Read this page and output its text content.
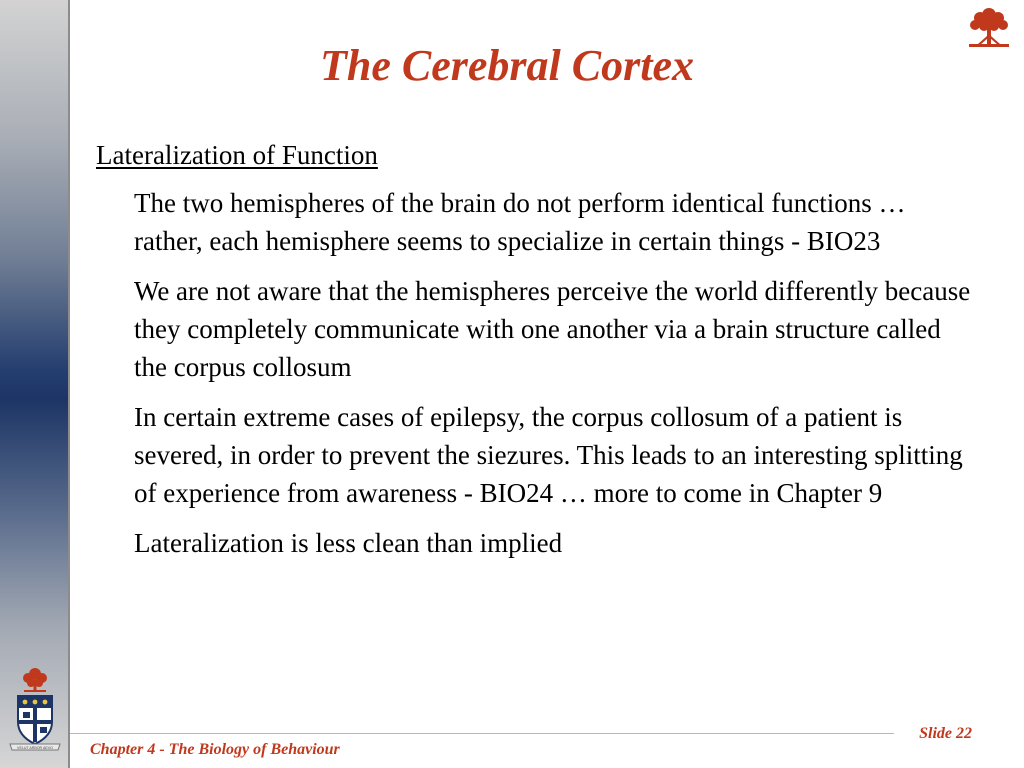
VELUT ARBOR AEVO
The Cerebral Cortex
Lateralization of Function

The two hemispheres of the brain do not perform identical functions … rather, each hemisphere seems to specialize in certain things - BIO23

We are not aware that the hemispheres perceive the world differently because they completely communicate with one another via a brain structure called the corpus collosum

In certain extreme cases of epilepsy, the corpus collosum of a patient is severed, in order to prevent the siezures. This leads to an interesting splitting of experience from awareness - BIO24 … more to come in Chapter 9

Lateralization is less clean than implied

Slide 22
Chapter 4 - The Biology of Behaviour
